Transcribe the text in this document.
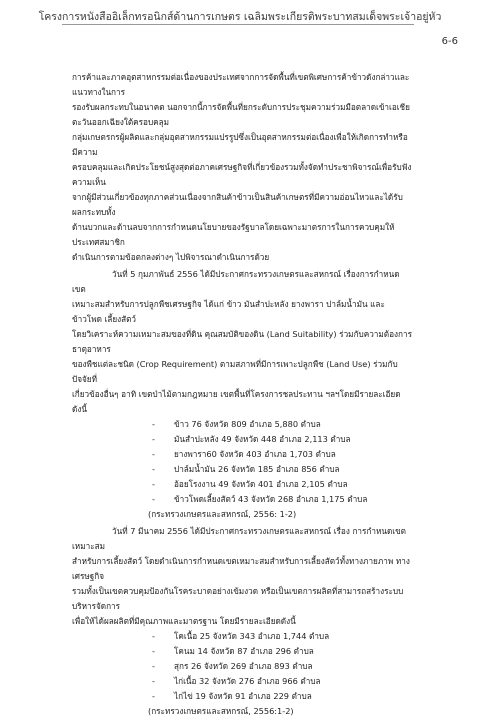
โครงการหนังสืออิเล็กทรอนิกส์ด้านการเกษตร เฉลิมพระเกียรติพระบาทสมเด็จพระเจ้าอยู่หัว
6-6
การค้าและภาคอุตสาหกรรมต่อเนื่องของประเทศจากการจัดพื้นที่เขตพิเศษการค้าข้าวดังกล่าวและแนวทางในการ
รองรับผลกระทบในอนาคต นอกจากนี้การจัดพื้นที่ยกระดับการประชุมความร่วมมือตลาดเข้าเอเชียตะวันออกเฉียงใต้ครอบคลุม
กลุ่มเกษตรกรผู้ผลิตและกลุ่มอุตสาหกรรมแปรรูปซึ่งเป็นอุตสาหกรรมต่อเนื่องเพื่อให้เกิดการทำหรือมีความ
ครอบคลุมและเกิดประโยชน์สูงสุดต่อภาคเศรษฐกิจที่เกี่ยวข้องรวมทั้งจัดทำประชาพิจารณ์เพื่อรับฟังความเห็น
จากผู้มีส่วนเกี่ยวข้องทุกภาคส่วนเนื่องจากสินค้าข้าวเป็นสินค้าเกษตรที่มีความอ่อนไหวและได้รับผลกระทบทั้ง
ด้านบวกและด้านลบจากการกำหนดนโยบายของรัฐบาลโดยเฉพาะมาตรการในการควบคุมให้ประเทศสมาชิก
ดำเนินการตามข้อตกลงต่างๆ ไปพิจารณาดำเนินการด้วย
วันที่ 5 กุมภาพันธ์ 2556 ได้มีประกาศกระทรวงเกษตรและสหกรณ์ เรื่องการกำหนดเขต
เหมาะสมสำหรับการปลูกพืชเศรษฐกิจ ได้แก่ ข้าว มันสำปะหลัง ยางพารา ปาล์มน้ำมัน และข้าวโพด เลี้ยงสัตว์
โดยวิเคราะห์ความเหมาะสมของที่ดิน คุณสมบัติของดิน (Land Suitability) ร่วมกับความต้องการธาตุอาหาร
ของพืชแต่ละชนิด (Crop Requirement) ตามสภาพที่มีการเพาะปลูกพืช (Land Use) ร่วมกับปัจจัยที่
เกี่ยวข้องอื่นๆ อาทิ เขตป่าไม้ตามกฎหมาย เขตพื้นที่โครงการชลประทาน ฯลฯโดยมีรายละเอียดดังนี้
-	ข้าว 76 จังหวัด 809 อำเภอ 5,880 ตำบล
-	มันสำปะหลัง 49 จังหวัด 448 อำเภอ 2,113 ตำบล
-	ยางพารา60 จังหวัด 403 อำเภอ 1,703 ตำบล
-	ปาล์มน้ำมัน 26 จังหวัด 185 อำเภอ 856 ตำบล
-	อ้อยโรงงาน 49 จังหวัด 401 อำเภอ 2,105 ตำบล
-	ข้าวโพดเลี้ยงสัตว์ 43 จังหวัด 268 อำเภอ 1,175 ตำบล
(กระทรวงเกษตรและสหกรณ์, 2556: 1-2)
วันที่ 7 มีนาคม 2556 ได้มีประกาศกระทรวงเกษตรและสหกรณ์ เรื่อง การกำหนดเขตเหมาะสม
สำหรับการเลี้ยงสัตว์ โดยดำเนินการกำหนดเขตเหมาะสมสำหรับการเลี้ยงสัตว์ทั้งทางภายภาพ ทางเศรษฐกิจ
รวมทั้งเป็นเขตควบคุมป้องกันโรคระบาดอย่างเข้มงวด หรือเป็นเขตการผลิตที่สามารถสร้างระบบบริหารจัดการ
เพื่อให้ได้ผลผลิตที่มีคุณภาพและมาตรฐาน โดยมีรายละเอียดดังนี้
-	โคเนื้อ 25 จังหวัด 343 อำเภอ 1,744 ตำบล
-	โคนม 14 จังหวัด 87 อำเภอ 296 ตำบล
-	สุกร 26 จังหวัด 269 อำเภอ 893 ตำบล
-	ไก่เนื้อ 32 จังหวัด 276 อำเภอ 966 ตำบล
-	ไก่ไข่ 19 จังหวัด 91 อำเภอ 229 ตำบล
(กระทรวงเกษตรและสหกรณ์, 2556:1-2)
